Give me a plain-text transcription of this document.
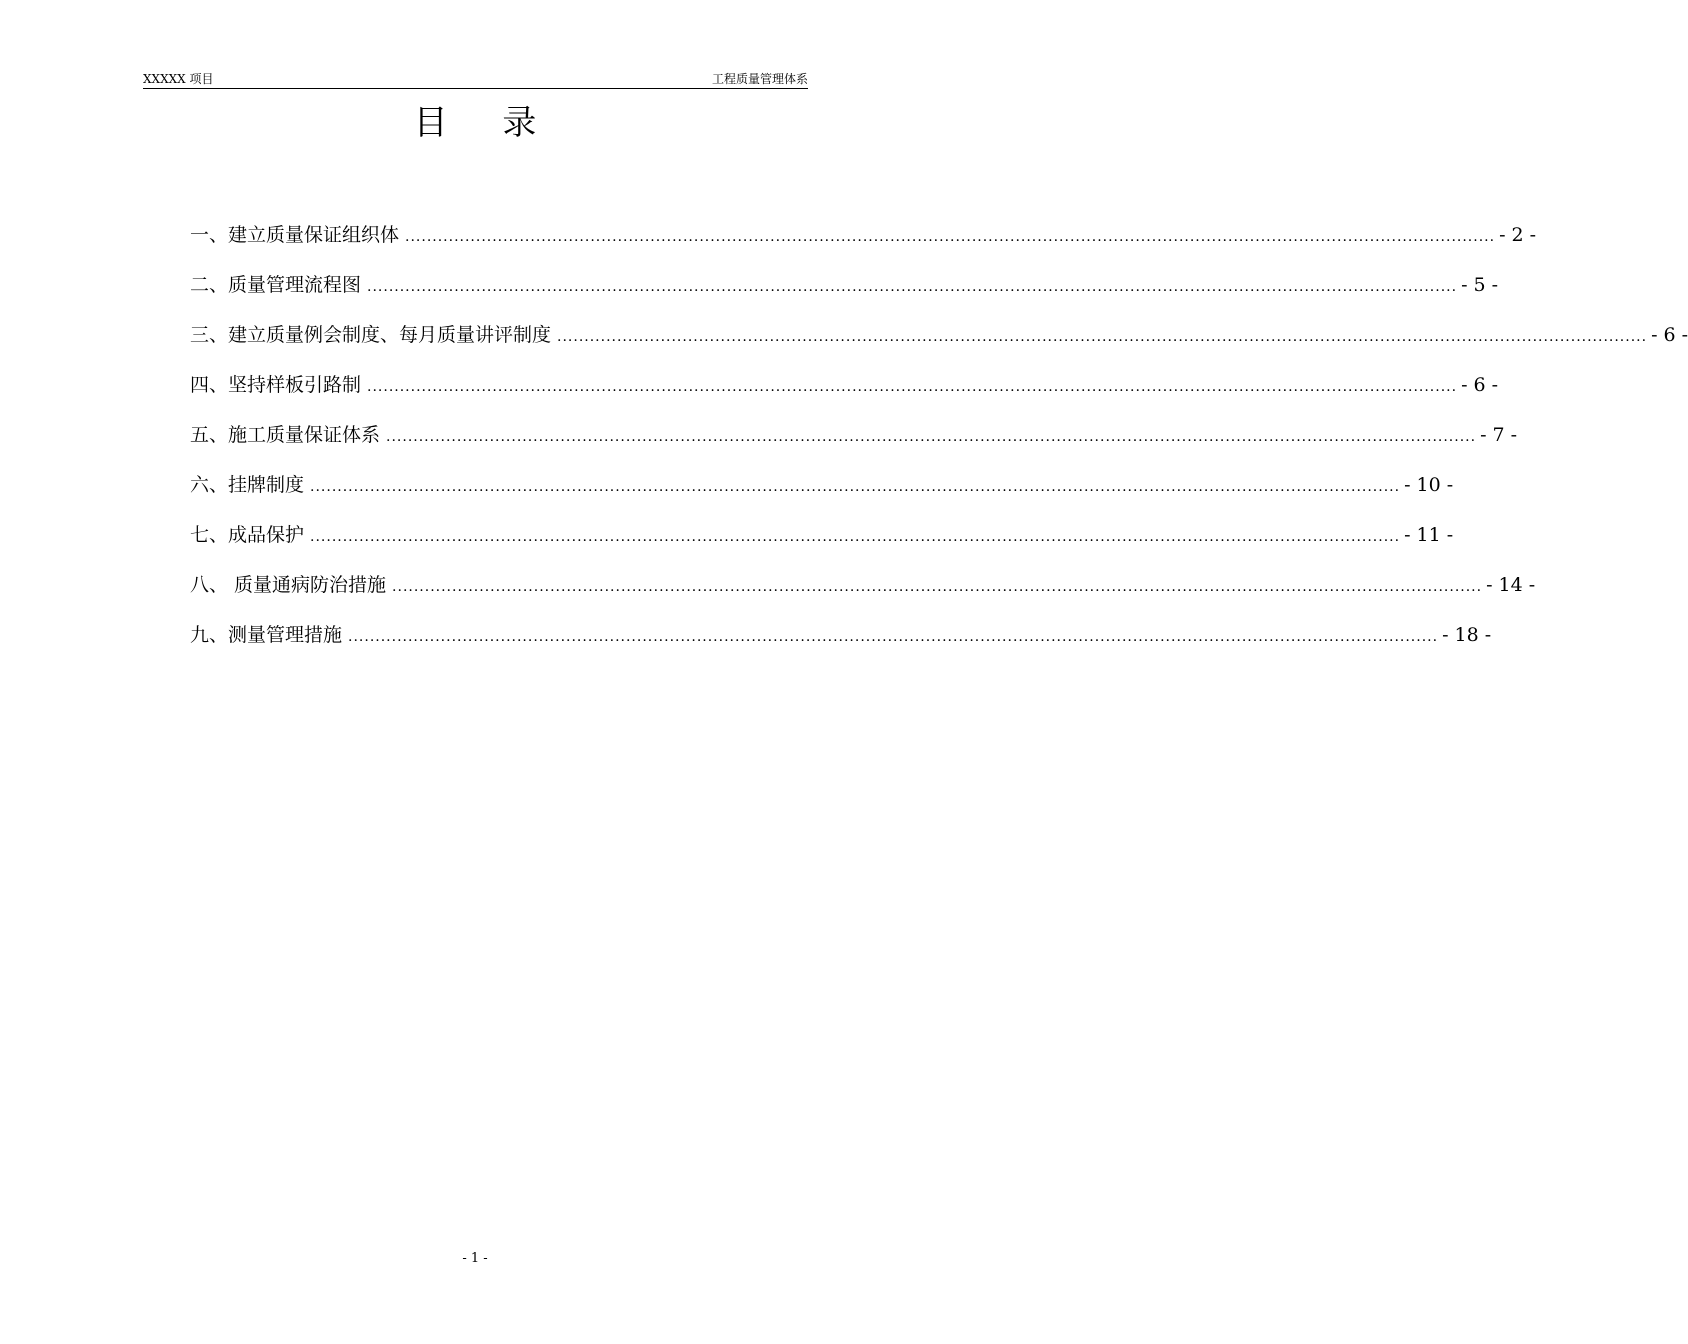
XXXXX 项目	工程质量管理体系
目 录
一、建立质量保证组织体 ........................................................................................................................................................................................................ - 2 -
二、质量管理流程图 ........................................................................................................................................................................................................ - 5 -
三、建立质量例会制度、每月质量讲评制度 ........................................................................................................................................................................................................ - 6 -
四、坚持样板引路制 ........................................................................................................................................................................................................ - 6 -
五、施工质量保证体系 ........................................................................................................................................................................................................ - 7 -
六、挂牌制度 ........................................................................................................................................................................................................ - 10 -
七、成品保护 ........................................................................................................................................................................................................ - 11 -
八、 质量通病防治措施 ........................................................................................................................................................................................................ - 14 -
九、测量管理措施 ........................................................................................................................................................................................................ - 18 -
- 1 -
